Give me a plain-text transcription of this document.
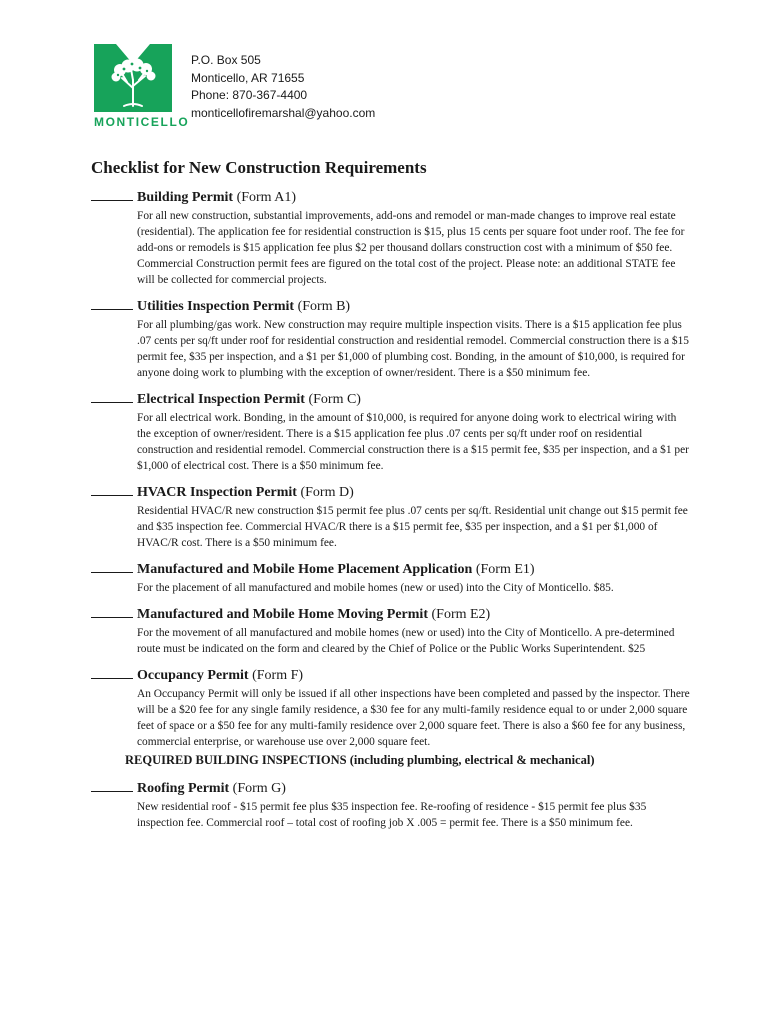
MONTICELLO
P.O. Box 505
Monticello, AR 71655
Phone: 870-367-4400
monticellofiremarshal@yahoo.com
Checklist for New Construction Requirements
Building Permit (Form A1)
For all new construction, substantial improvements, add-ons and remodel or man-made changes to improve real estate (residential). The application fee for residential construction is $15, plus 15 cents per square foot under roof. The fee for add-ons or remodels is $15 application fee plus $2 per thousand dollars construction cost with a minimum of $50 fee. Commercial Construction permit fees are figured on the total cost of the project. Please note: an additional STATE fee will be collected for commercial projects.
Utilities Inspection Permit (Form B)
For all plumbing/gas work. New construction may require multiple inspection visits. There is a $15 application fee plus .07 cents per sq/ft under roof for residential construction and residential remodel. Commercial construction there is a $15 permit fee, $35 per inspection, and a $1 per $1,000 of plumbing cost. Bonding, in the amount of $10,000, is required for anyone doing work to plumbing with the exception of owner/resident. There is a $50 minimum fee.
Electrical Inspection Permit (Form C)
For all electrical work. Bonding, in the amount of $10,000, is required for anyone doing work to electrical wiring with the exception of owner/resident. There is a $15 application fee plus .07 cents per sq/ft under roof on residential construction and residential remodel. Commercial construction there is a $15 permit fee, $35 per inspection, and a $1 per $1,000 of electrical cost. There is a $50 minimum fee.
HVACR Inspection Permit (Form D)
Residential HVAC/R new construction $15 permit fee plus .07 cents per sq/ft. Residential unit change out $15 permit fee and $35 inspection fee. Commercial HVAC/R there is a $15 permit fee, $35 per inspection, and a $1 per $1,000 of HVAC/R cost. There is a $50 minimum fee.
Manufactured and Mobile Home Placement Application (Form E1)
For the placement of all manufactured and mobile homes (new or used) into the City of Monticello. $85.
Manufactured and Mobile Home Moving Permit (Form E2)
For the movement of all manufactured and mobile homes (new or used) into the City of Monticello. A pre-determined route must be indicated on the form and cleared by the Chief of Police or the Public Works Superintendent. $25
Occupancy Permit (Form F)
An Occupancy Permit will only be issued if all other inspections have been completed and passed by the inspector. There will be a $20 fee for any single family residence, a $30 fee for any multi-family residence equal to or under 2,000 square feet of space or a $50 fee for any multi-family residence over 2,000 square feet. There is also a $60 fee for any business, commercial enterprise, or warehouse use over 2,000 square feet.
REQUIRED BUILDING INSPECTIONS (including plumbing, electrical & mechanical)
Roofing Permit (Form G)
New residential roof - $15 permit fee plus $35 inspection fee. Re-roofing of residence - $15 permit fee plus $35 inspection fee. Commercial roof – total cost of roofing job X .005 = permit fee. There is a $50 minimum fee.
